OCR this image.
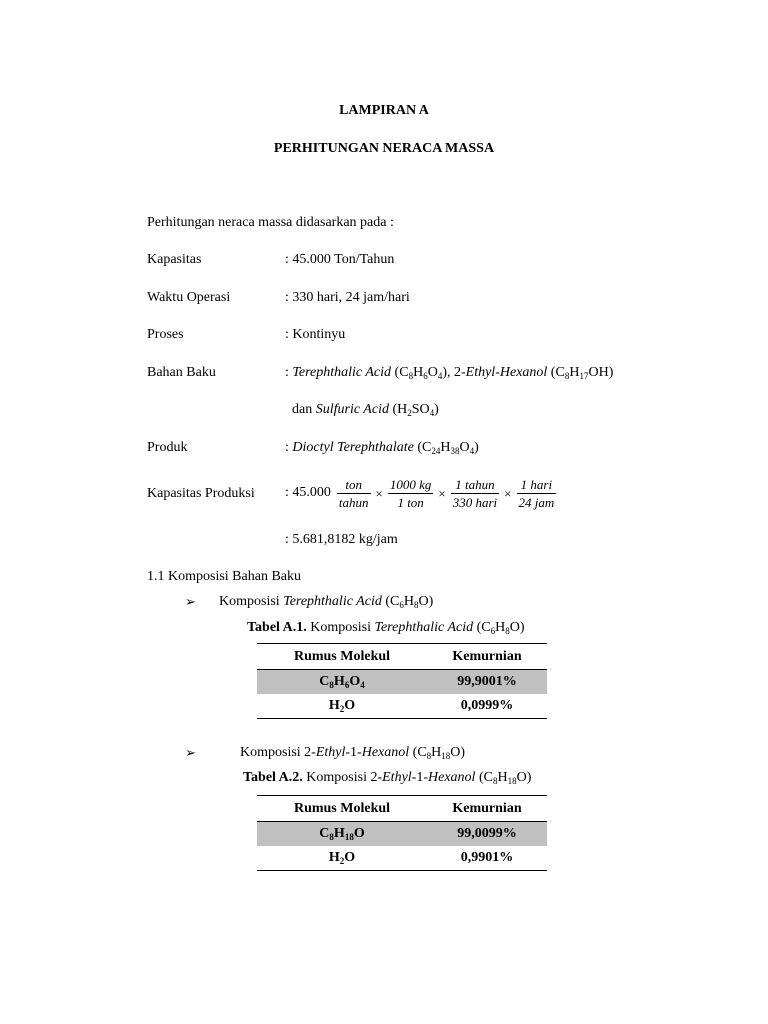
LAMPIRAN A
PERHITUNGAN NERACA MASSA
Perhitungan neraca massa didasarkan pada :
Kapasitas	: 45.000 Ton/Tahun
Waktu Operasi	: 330 hari, 24 jam/hari
Proses	: Kontinyu
Bahan Baku	: Terephthalic Acid $(C_8H_6O_4)$, 2-Ethyl-Hexanol $(C_8H_{17}OH)$
dan Sulfuric Acid $(H_2SO_4)$
Produk	: Dioctyl Terephthalate $(C_{24}H_{38}O_4)$
Kapasitas Produksi : $45.000 \frac{\text{ton}}{\text{tahun}} \times \frac{1000 kg}{\text{1 ton}} \times \frac{\text{1 tahun}}{\text{330 hari}} \times \frac{\text{1 hari}}{\text{24 jam}}$
: 5.681,8182 kg/jam
1.1 Komposisi Bahan Baku
➢ Komposisi Terephthalic Acid $(C_6H_8O)$
Tabel A.1. Komposisi Terephthalic Acid $(C_6H_8O)$
Rumus Molekul	Kemurnian
$C_8H_6O_4$	99,9001%
$H_2O$	0,0999%
➢	Komposisi 2-Ethyl-1-Hexanol $(C_8H_{18}O)$
Tabel A.2. Komposisi 2-Ethyl-1-Hexanol $(C_8H_{18}O)$
Rumus Molekul	Kemurnian
$C_8H_{18}O$	99,0099%
$H_2O$	0,9901%
